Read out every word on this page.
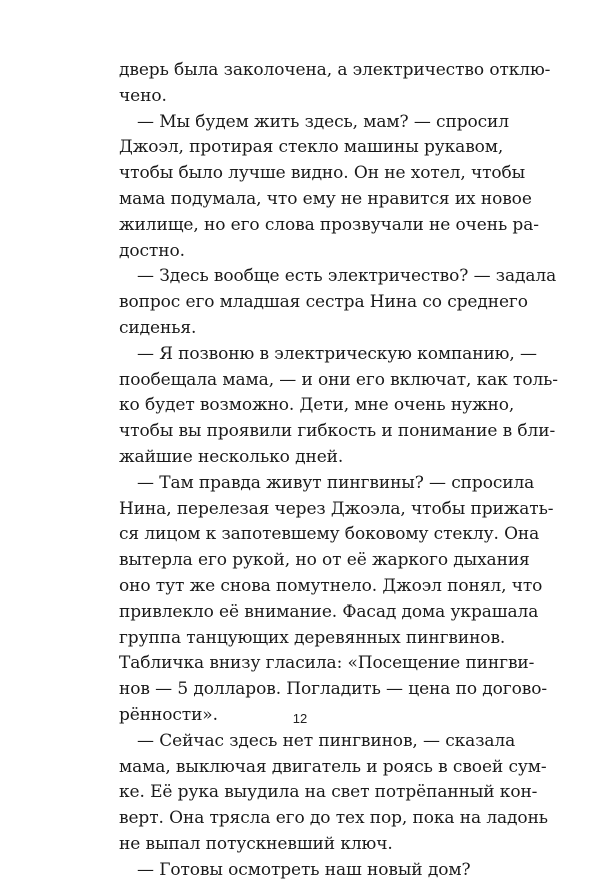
дверь была заколочена, а электричество отклю-
чено.
— Мы будем жить здесь, мам? — спросил
Джоэл, протирая стекло машины рукавом,
чтобы было лучше видно. Он не хотел, чтобы
мама подумала, что ему не нравится их новое
жилище, но его слова прозвучали не очень ра-
достно.
— Здесь вообще есть электричество? — задала
вопрос его младшая сестра Нина со среднего
сиденья.
— Я позвоню в электрическую компанию, —
пообещала мама, — и они его включат, как толь-
ко будет возможно. Дети, мне очень нужно,
чтобы вы проявили гибкость и понимание в бли-
жайшие несколько дней.
— Там правда живут пингвины? — спросила
Нина, перелезая через Джоэла, чтобы прижать-
ся лицом к запотевшему боковому стеклу. Она
вытерла его рукой, но от её жаркого дыхания
оно тут же снова помутнело. Джоэл понял, что
привлекло её внимание. Фасад дома украшала
группа танцующих деревянных пингвинов.
Табличка внизу гласила: «Посещение пингви-
нов — 5 долларов. Погладить — цена по догово-
рённости».
— Сейчас здесь нет пингвинов, — сказала
мама, выключая двигатель и роясь в своей сум-
ке. Её рука выудила на свет потрёпанный кон-
верт. Она трясла его до тех пор, пока на ладонь
не выпал потускневший ключ.
— Готовы осмотреть наш новый дом?
12
